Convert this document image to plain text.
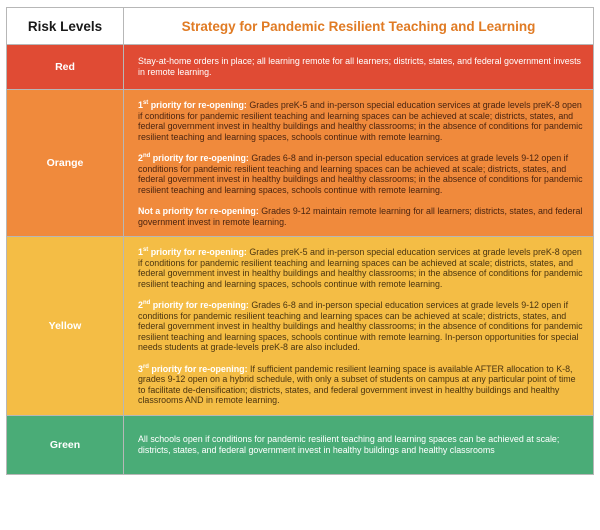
Risk Levels	Strategy for Pandemic Resilient Teaching and Learning
Red	Stay-at-home orders in place; all learning remote for all learners; districts, states, and federal government invests in remote learning.
Orange	1st priority for re-opening: Grades preK-5 and in-person special education services at grade levels preK-8 open if conditions for pandemic resilient teaching and learning spaces can be achieved at scale; districts, states, and federal government invest in healthy buildings and healthy classrooms; in the absence of conditions for pandemic resilient teaching and learning spaces, schools continue with remote learning.

2nd priority for re-opening: Grades 6-8 and in-person special education services at grade levels 9-12 open if conditions for pandemic resilient teaching and learning spaces can be achieved at scale; districts, states, and federal government invest in healthy buildings and healthy classrooms; in the absence of conditions for pandemic resilient teaching and learning spaces, schools continue with remote learning.

Not a priority for re-opening: Grades 9-12 maintain remote learning for all learners; districts, states, and federal government invest in remote learning.

Yellow	1st priority for re-opening: Grades preK-5 and in-person special education services at grade levels preK-8 open if conditions for pandemic resilient teaching and learning spaces can be achieved at scale; districts, states, and federal government invest in healthy buildings and healthy classrooms; in the absence of conditions for pandemic resilient teaching and learning spaces, schools continue with remote learning.

2nd priority for re-opening: Grades 6-8 and in-person special education services at grade levels 9-12 open if conditions for pandemic resilient teaching and learning spaces can be achieved at scale; districts, states, and federal government invest in healthy buildings and healthy classrooms; in the absence of conditions for pandemic resilient teaching and learning spaces, schools continue with remote learning. In-person opportunities for special needs students at grade-levels preK-8 are also included.

3rd priority for re-opening: If sufficient pandemic resilient learning space is available AFTER allocation to K-8, grades 9-12 open on a hybrid schedule, with only a subset of students on campus at any particular point of time to facilitate de-densification; districts, states, and federal government invest in healthy buildings and healthy classrooms AND in remote learning.

Green	All schools open if conditions for pandemic resilient teaching and learning spaces can be achieved at scale; districts, states, and federal government invest in healthy buildings and healthy classrooms
